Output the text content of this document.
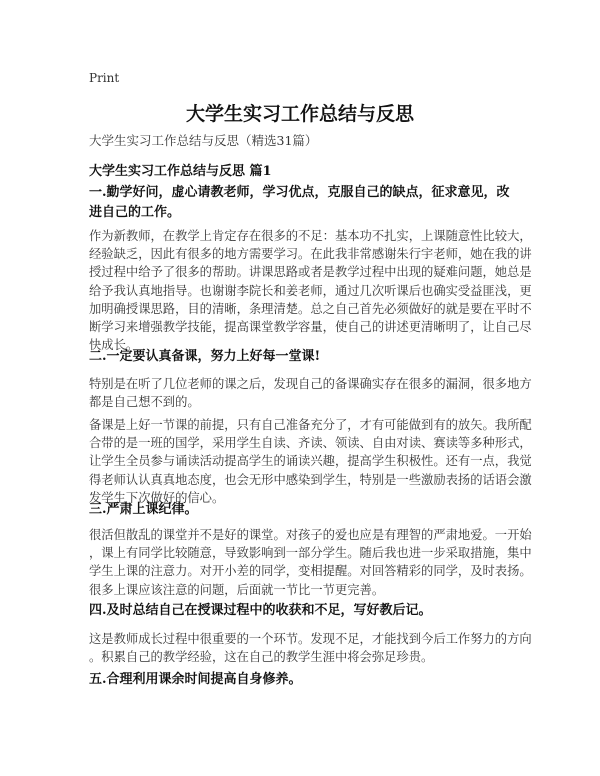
Print
大学生实习工作总结与反思
大学生实习工作总结与反思（精选31篇）
大学生实习工作总结与反思 篇1
一.勤学好问，虚心请教老师，学习优点，克服自己的缺点，征求意见，改进自己的工作。
作为新教师，在教学上肯定存在很多的不足：基本功不扎实，上课随意性比较大，
经验缺乏，因此有很多的地方需要学习。在此我非常感谢朱行宇老师，她在我的讲
授过程中给予了很多的帮助。讲课思路或者是教学过程中出现的疑难问题，她总是
给予我认真地指导。也谢谢李院长和姜老师，通过几次听课后也确实受益匪浅，更
加明确授课思路，目的清晰，条理清楚。总之自己首先必须做好的就是要在平时不
断学习来增强教学技能，提高课堂教学容量，使自己的讲述更清晰明了，让自己尽
快成长。
二.一定要认真备课，努力上好每一堂课!
特别是在听了几位老师的课之后，发现自己的备课确实存在很多的漏洞，很多地方
都是自己想不到的。
备课是上好一节课的前提，只有自己准备充分了，才有可能做到有的放矢。我所配
合带的是一班的国学，采用学生自读、齐读、领读、自由对读、赛读等多种形式，
让学生全员参与诵读活动提高学生的诵读兴趣，提高学生积极性。还有一点，我觉
得老师认认真真地态度，也会无形中感染到学生，特别是一些激励表扬的话语会激
发学生下次做好的信心。
三.严肃上课纪律。
很活但散乱的课堂并不是好的课堂。对孩子的爱也应是有理智的严肃地爱。一开始
，课上有同学比较随意，导致影响到一部分学生。随后我也进一步采取措施，集中
学生上课的注意力。对开小差的同学，变相提醒。对回答精彩的同学，及时表扬。
很多上课应该注意的问题，后面就一节比一节更完善。
四.及时总结自己在授课过程中的收获和不足，写好教后记。
这是教师成长过程中很重要的一个环节。发现不足，才能找到今后工作努力的方向
。积累自己的教学经验，这在自己的教学生涯中将会弥足珍贵。
五.合理利用课余时间提高自身修养。
